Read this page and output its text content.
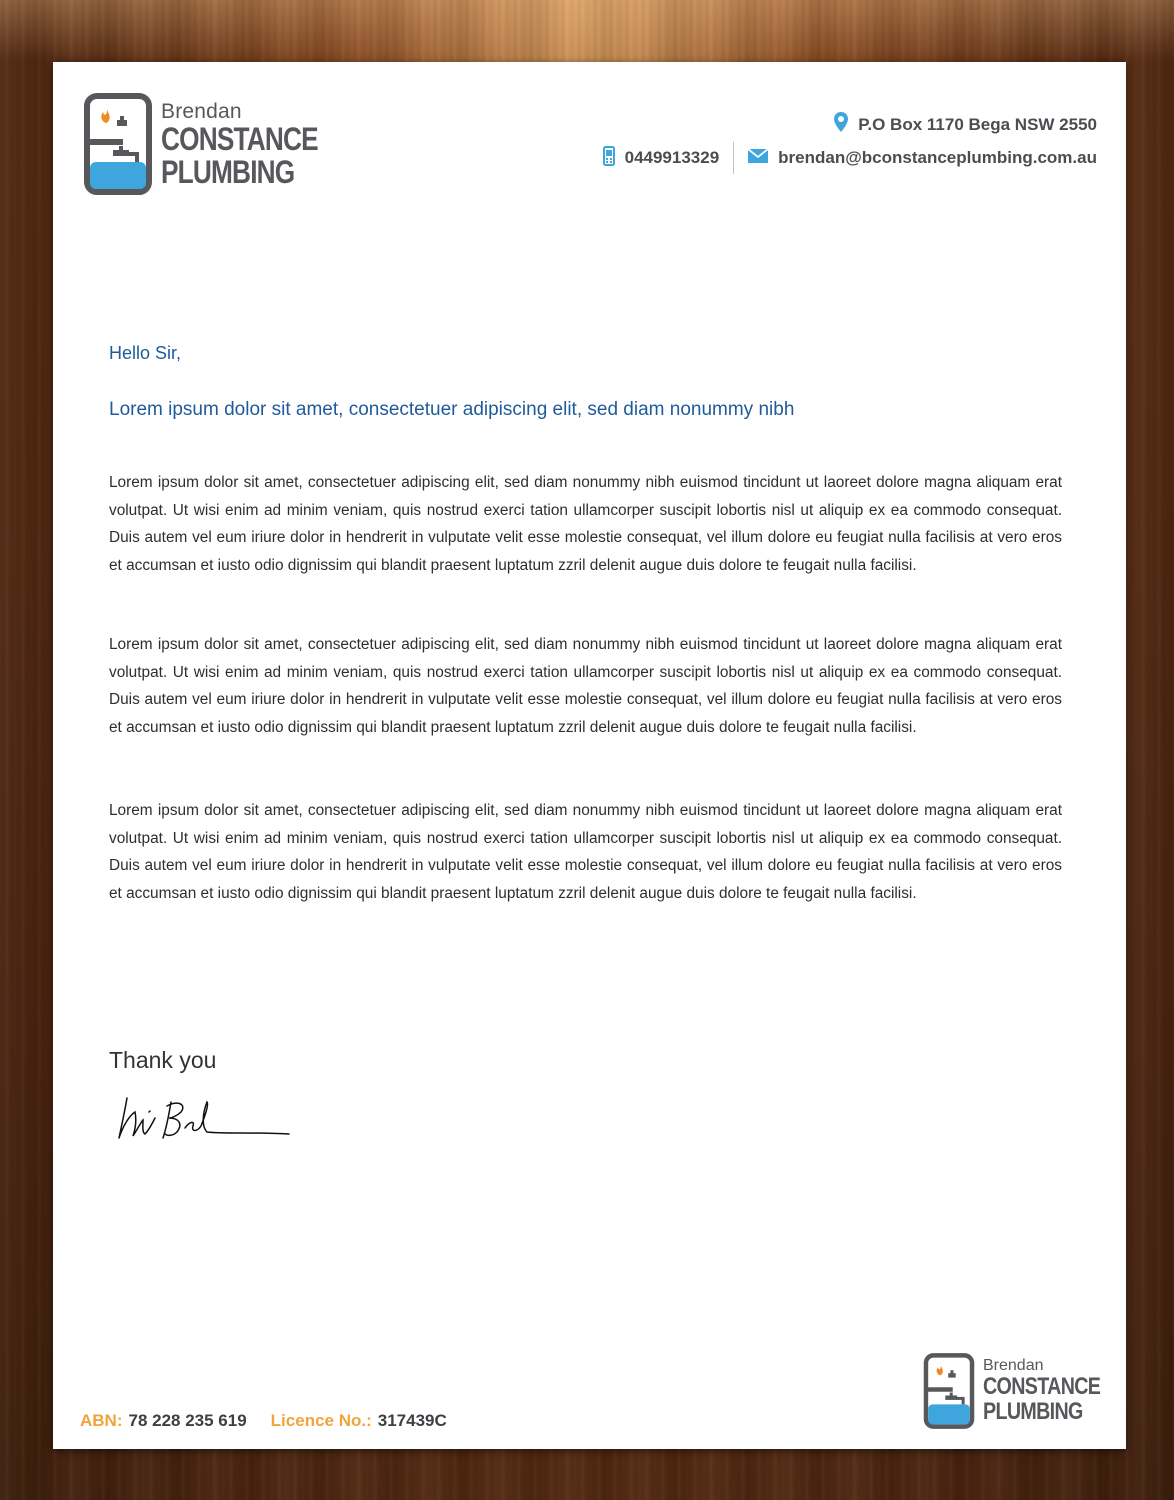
Brendan
CONSTANCE
PLUMBING
P.O Box 1170 Bega NSW 2550
0449913329	brendan@bconstanceplumbing.com.au
Hello Sir,
Lorem ipsum dolor sit amet, consectetuer adipiscing elit, sed diam nonummy nibh

Lorem ipsum dolor sit amet, consectetuer adipiscing elit, sed diam nonummy nibh euismod tincidunt ut laoreet dolore magna aliquam erat volutpat. Ut wisi enim ad minim veniam, quis nostrud exerci tation ullamcorper suscipit lobortis nisl ut aliquip ex ea commodo consequat. Duis autem vel eum iriure dolor in hendrerit in vulputate velit esse molestie consequat, vel illum dolore eu feugiat nulla facilisis at vero eros et accumsan et iusto odio dignissim qui blandit praesent luptatum zzril delenit augue duis dolore te feugait nulla facilisi.

Lorem ipsum dolor sit amet, consectetuer adipiscing elit, sed diam nonummy nibh euismod tincidunt ut laoreet dolore magna aliquam erat volutpat. Ut wisi enim ad minim veniam, quis nostrud exerci tation ullamcorper suscipit lobortis nisl ut aliquip ex ea commodo consequat. Duis autem vel eum iriure dolor in hendrerit in vulputate velit esse molestie consequat, vel illum dolore eu feugiat nulla facilisis at vero eros et accumsan et iusto odio dignissim qui blandit praesent luptatum zzril delenit augue duis dolore te feugait nulla facilisi.

Lorem ipsum dolor sit amet, consectetuer adipiscing elit, sed diam nonummy nibh euismod tincidunt ut laoreet dolore magna aliquam erat volutpat. Ut wisi enim ad minim veniam, quis nostrud exerci tation ullamcorper suscipit lobortis nisl ut aliquip ex ea commodo consequat. Duis autem vel eum iriure dolor in hendrerit in vulputate velit esse molestie consequat, vel illum dolore eu feugiat nulla facilisis at vero eros et accumsan et iusto odio dignissim qui blandit praesent luptatum zzril delenit augue duis dolore te feugait nulla facilisi.

Thank you
ABN: 78 228 235 619 Licence No.: 317439C
Brendan
CONSTANCE
PLUMBING
